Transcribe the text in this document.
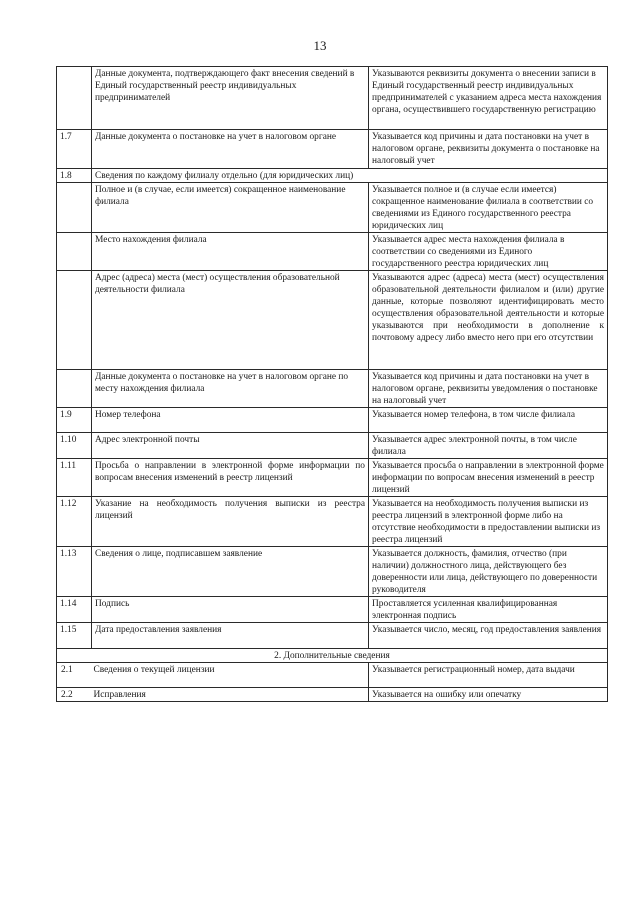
13
	Данные документа, подтверждающего факт внесения сведений в Единый государственный реестр индивидуальных предпринимателей	Указываются реквизиты документа о внесении записи в Единый государственный реестр индивидуальных предпринимателей с указанием адреса места нахождения органа, осуществившего государственную регистрацию
1.7	Данные документа о постановке на учет в налоговом органе	Указывается код причины и дата постановки на учет в налоговом органе, реквизиты документа о постановке на налоговый учет
1.8	Сведения по каждому филиалу отдельно (для юридических лиц)	
	Полное и (в случае, если имеется) сокращенное наименование филиала	Указывается полное и (в случае если имеется) сокращенное наименование филиала в соответствии со сведениями из Единого государственного реестра юридических лиц
	Место нахождения филиала	Указывается адрес места нахождения филиала в соответствии со сведениями из Единого государственного реестра юридических лиц
	Адрес (адреса) места (мест) осуществления образовательной деятельности филиала	Указываются адрес (адреса) места (мест) осуществления образовательной деятельности филиалом и (или) другие данные, которые позволяют идентифицировать место осуществления образовательной деятельности и которые указываются при необходимости в дополнение к почтовому адресу либо вместо него при его отсутствии
	Данные документа о постановке на учет в налоговом органе по месту нахождения филиала	Указывается код причины и дата постановки на учет в налоговом органе, реквизиты уведомления о постановке на налоговый учет
1.9	Номер телефона	Указывается номер телефона, в том числе филиала
1.10	Адрес электронной почты	Указывается адрес электронной почты, в том числе филиала
1.11	Просьба о направлении в электронной форме информации по вопросам внесения изменений в реестр лицензий	Указывается просьба о направлении в электронной форме информации по вопросам внесения изменений в реестр лицензий
1.12	Указание на необходимость получения выписки из реестра лицензий	Указывается на необходимость получения выписки из реестра лицензий в электронной форме либо на отсутствие необходимости в предоставлении выписки из реестра лицензий
1.13	Сведения о лице, подписавшем заявление	Указывается должность, фамилия, отчество (при наличии) должностного лица, действующего без доверенности или лица, действующего по доверенности руководителя
1.14	Подпись	Проставляется усиленная квалифицированная электронная подпись
1.15	Дата предоставления заявления	Указывается число, месяц, год предоставления заявления
2. Дополнительные сведения		
2.1	Сведения о текущей лицензии	Указывается регистрационный номер, дата выдачи
2.2	Исправления	Указывается на ошибку или опечатку
